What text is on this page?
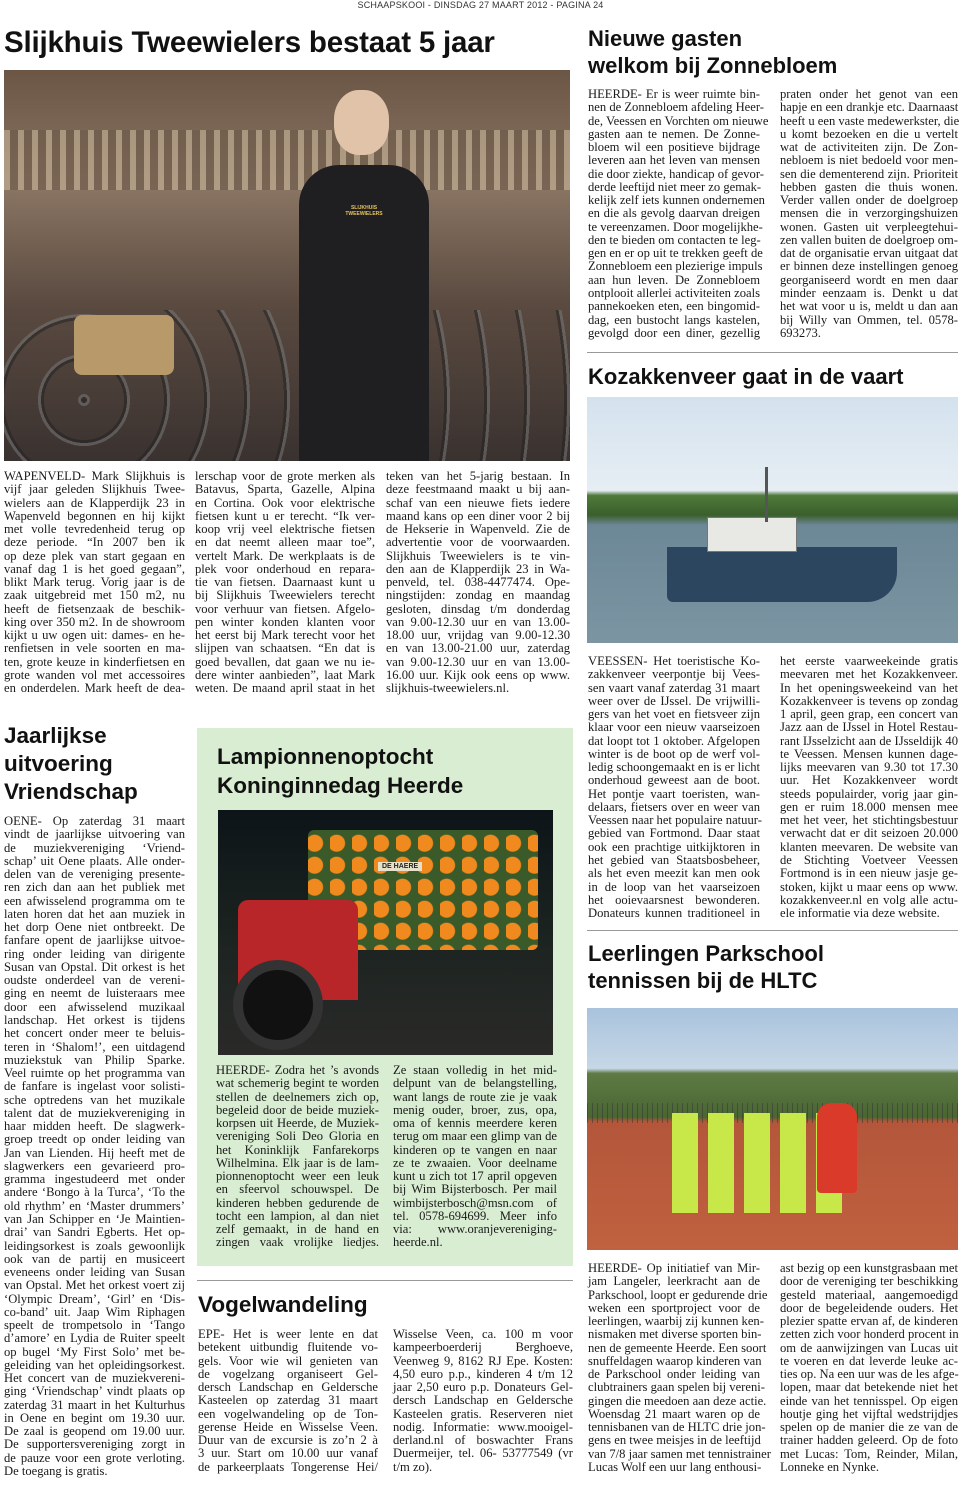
SCHAAPSKOOI - DINSDAG 27 MAART 2012 - PAGINA 24
Slijkhuis Tweewielers bestaat 5 jaar
SLIJKHUIS TWEEWIELERS
WAPENVELD- Mark Slijkhuis is
vijf jaar geleden Slijkhuis Twee-
wielers aan de Klapperdijk 23 in
Wapenveld begonnen en hij kijkt
met volle tevredenheid terug op
deze periode. “In 2007 ben ik
op deze plek van start gegaan en
vanaf dag 1 is het goed gegaan”,
blikt Mark terug. Vorig jaar is de
zaak uitgebreid met 150 m2, nu
heeft de fietsenzaak de beschik-
king over 350 m2. In de showroom
kijkt u uw ogen uit: dames- en he-
renfietsen in vele soorten en ma-
ten, grote keuze in kinderfietsen en
grote wanden vol met accessoires
en onderdelen. Mark heeft de dea-
lerschap voor de grote merken als
Batavus, Sparta, Gazelle, Alpina
en Cortina. Ook voor elektrische
fietsen kunt u er terecht. “Ik ver-
koop vrij veel elektrische fietsen
en dat neemt alleen maar toe”,
vertelt Mark. De werkplaats is de
plek voor onderhoud en repara-
tie van fietsen. Daarnaast kunt u
bij Slijkhuis Tweewielers terecht
voor verhuur van fietsen. Afgelo-
pen winter konden klanten voor
het eerst bij Mark terecht voor het
slijpen van schaatsen. “En dat is
goed bevallen, dat gaan we nu ie-
dere winter aanbieden”, laat Mark
weten. De maand april staat in het
teken van het 5-jarig bestaan. In
deze feestmaand maakt u bij aan-
schaf van een nieuwe fiets iedere
maand kans op een diner voor 2 bij
de Hekserie in Wapenveld. Zie de
advertentie voor de voorwaarden.
Slijkhuis Tweewielers is te vin-
den aan de Klapperdijk 23 in Wa-
penveld, tel. 038-4477474. Ope-
ningstijden: zondag en maandag
gesloten, dinsdag t/m donderdag
van 9.00-12.30 uur en van 13.00-
18.00 uur, vrijdag van 9.00-12.30
en van 13.00-21.00 uur, zaterdag
van 9.00-12.30 uur en van 13.00-
16.00 uur. Kijk ook eens op www.
slijkhuis-tweewielers.nl.
Nieuwe gasten
welkom bij Zonnebloem
HEERDE- Er is weer ruimte bin-
nen de Zonnebloem afdeling Heer-
de, Veessen en Vorchten om nieuwe
gasten aan te nemen. De Zonne-
bloem wil een positieve bijdrage
leveren aan het leven van mensen
die door ziekte, handicap of gevor-
derde leeftijd niet meer zo gemak-
kelijk zelf iets kunnen ondernemen
en die als gevolg daarvan dreigen
te vereenzamen. Door mogelijkhe-
den te bieden om contacten te leg-
gen en er op uit te trekken geeft de
Zonnebloem een plezierige impuls
aan hun leven. De Zonnebloem
ontplooit allerlei activiteiten zoals
pannekoeken eten, een bingomid-
dag, een bustocht langs kastelen,
gevolgd door een diner, gezellig
praten onder het genot van een
hapje en een drankje etc. Daarnaast
heeft u een vaste medewerkster, die
u komt bezoeken en die u vertelt
wat de activiteiten zijn. De Zon-
nebloem is niet bedoeld voor men-
sen die dementerend zijn. Prioriteit
hebben gasten die thuis wonen.
Verder vallen onder de doelgroep
mensen die in verzorgingshuizen
wonen. Gasten uit verpleegtehui-
zen vallen buiten de doelgroep om-
dat de organisatie ervan uitgaat dat
er binnen deze instellingen genoeg
georganiseerd wordt en men daar
minder eenzaam is. Denkt u dat
het wat voor u is, meldt u dan aan
bij Willy van Ommen, tel. 0578-
693273.
Kozakkenveer gaat in de vaart
VEESSEN- Het toeristische Ko-
zakkenveer veerpontje bij Vees-
sen vaart vanaf zaterdag 31 maart
weer over de IJssel. De vrijwilli-
gers van het voet en fietsveer zijn
klaar voor een nieuw vaarseizoen
dat loopt tot 1 oktober. Afgelopen
winter is de boot op de werf vol-
ledig schoongemaakt en is er licht
onderhoud geweest aan de boot.
Het pontje vaart toeristen, wan-
delaars, fietsers over en weer van
Veessen naar het populaire natuur-
gebied van Fortmond. Daar staat
ook een prachtige uitkijktoren in
het gebied van Staatsbosbeheer,
als het even meezit kan men ook
in de loop van het vaarseizoen
het ooievaarsnest bewonderen.
Donateurs kunnen traditioneel in
het eerste vaarweekeinde gratis
meevaren met het Kozakkenveer.
In het openingsweekeind van het
Kozakkenveer is tevens op zondag
1 april, geen grap, een concert van
Jazz aan de IJssel in Hotel Restau-
rant IJsselzicht aan de IJsseldijk 40
te Veessen. Mensen kunnen dage-
lijks meevaren van 9.30 tot 17.30
uur. Het Kozakkenveer wordt
steeds populairder, vorig jaar gin-
gen er ruim 18.000 mensen mee
met het veer, het stichtingsbestuur
verwacht dat er dit seizoen 20.000
klanten meevaren. De website van
de Stichting Voetveer Veessen
Fortmond is in een nieuw jasje ge-
stoken, kijkt u maar eens op www.
kozakkenveer.nl en volg alle actu-
ele informatie via deze website.
Leerlingen Parkschool
tennissen bij de HLTC
HEERDE- Op initiatief van Mir-
jam Langeler, leerkracht aan de
Parkschool, loopt er gedurende drie
weken een sportproject voor de
leerlingen, waarbij zij kunnen ken-
nismaken met diverse sporten bin-
nen de gemeente Heerde. Een soort
snuffeldagen waarop kinderen van
de Parkschool onder leiding van
clubtrainers gaan spelen bij vereni-
gingen die meedoen aan deze actie.
Woensdag 21 maart waren op de
tennisbanen van de HLTC drie jon-
gens en twee meisjes in de leeftijd
van 7/8 jaar samen met tennistrainer
Lucas Wolf een uur lang enthousi-
ast bezig op een kunstgrasbaan met
door de vereniging ter beschikking
gesteld materiaal, aangemoedigd
door de begeleidende ouders. Het
plezier spatte ervan af, de kinderen
zetten zich voor honderd procent in
om de aanwijzingen van Lucas uit
te voeren en dat leverde leuke ac-
ties op. Na een uur was de les afge-
lopen, maar dat betekende niet het
einde van het tennisspel. Op eigen
houtje ging het vijftal wedstrijdjes
spelen op de manier die ze van de
trainer hadden geleerd. Op de foto
met Lucas: Tom, Reinder, Milan,
Lonneke en Nynke.
Jaarlijkse
uitvoering
Vriendschap
OENE- Op zaterdag 31 maart
vindt de jaarlijkse uitvoering van
de muziekvereniging ‘Vriend-
schap’ uit Oene plaats. Alle onder-
delen van de vereniging presente-
ren zich dan aan het publiek met
een afwisselend programma om te
laten horen dat het aan muziek in
het dorp Oene niet ontbreekt. De
fanfare opent de jaarlijkse uitvoe-
ring onder leiding van dirigente
Susan van Opstal. Dit orkest is het
oudste onderdeel van de vereni-
ging en neemt de luisteraars mee
door een afwisselend muzikaal
landschap. Het orkest is tijdens
het concert onder meer te beluis-
teren in ‘Shalom!’, een uitdagend
muziekstuk van Philip Sparke.
Veel ruimte op het programma van
de fanfare is ingelast voor solisti-
sche optredens van het muzikale
talent dat de muziekvereniging in
haar midden heeft. De slagwerk-
groep treedt op onder leiding van
Jan van Lienden. Hij heeft met de
slagwerkers een gevarieerd pro-
gramma ingestudeerd met onder
andere ‘Bongo à la Turca’, ‘To the
old rhythm’ en ‘Master drummers’
van Jan Schipper en ‘Je Maintien-
drai’ van Sandri Egberts. Het op-
leidingsorkest is zoals gewoonlijk
ook van de partij en musiceert
eveneens onder leiding van Susan
van Opstal. Met het orkest voert zij
‘Olympic Dream’, ‘Girl’ en ‘Dis-
co-band’ uit. Jaap Wim Riphagen
speelt de trompetsolo in ‘Tango
d’amore’ en Lydia de Ruiter speelt
op bugel ‘My First Solo’ met be-
geleiding van het opleidingsorkest.
Het concert van de muziekvereni-
ging ‘Vriendschap’ vindt plaats op
zaterdag 31 maart in het Kulturhus
in Oene en begint om 19.30 uur.
De zaal is geopend om 19.00 uur.
De supportersvereniging zorgt in
de pauze voor een grote verloting.
De toegang is gratis.
Lampionnenoptocht
Koninginnedag Heerde
DE HAERE
HEERDE- Zodra het ’s avonds
wat schemerig begint te worden
stellen de deelnemers zich op,
begeleid door de beide muziek-
korpsen uit Heerde, de Muziek-
vereniging Soli Deo Gloria en
het Koninklijk Fanfarekorps
Wilhelmina. Elk jaar is de lam-
pionnenoptocht weer een leuk
en sfeervol schouwspel. De
kinderen hebben gedurende de
tocht een lampion, al dan niet
zelf gemaakt, in de hand en
zingen vaak vrolijke liedjes.
Ze staan volledig in het mid-
delpunt van de belangstelling,
want langs de route zie je vaak
menig ouder, broer, zus, opa,
oma of kennis meerdere keren
terug om maar een glimp van de
kinderen op te vangen en naar
ze te zwaaien. Voor deelname
kunt u zich tot 17 april opgeven
bij Wim Bijsterbosch. Per mail
wimbijsterbosch@msn.com of
tel. 0578-694699. Meer info
via: www.oranjevereniging-
heerde.nl.
Vogelwandeling
EPE- Het is weer lente en dat
betekent uitbundig fluitende vo-
gels. Voor wie wil genieten van
de vogelzang organiseert Gel-
dersch Landschap en Geldersche
Kasteelen op zaterdag 31 maart
een vogelwandeling op de Ton-
gerense Heide en Wisselse Veen.
Duur van de excursie is zo’n 2 à
3 uur. Start om 10.00 uur vanaf
de parkeerplaats Tongerense Hei/
Wisselse Veen, ca. 100 m voor
kampeerboerderij Berghoeve,
Veenweg 9, 8162 RJ Epe. Kosten:
4,50 euro p.p., kinderen 4 t/m 12
jaar 2,50 euro p.p. Donateurs Gel-
dersch Landschap en Geldersche
Kasteelen gratis. Reserveren niet
nodig. Informatie: www.mooigel-
derland.nl of boswachter Frans
Duermeijer, tel. 06- 53777549 (vr
t/m zo).
